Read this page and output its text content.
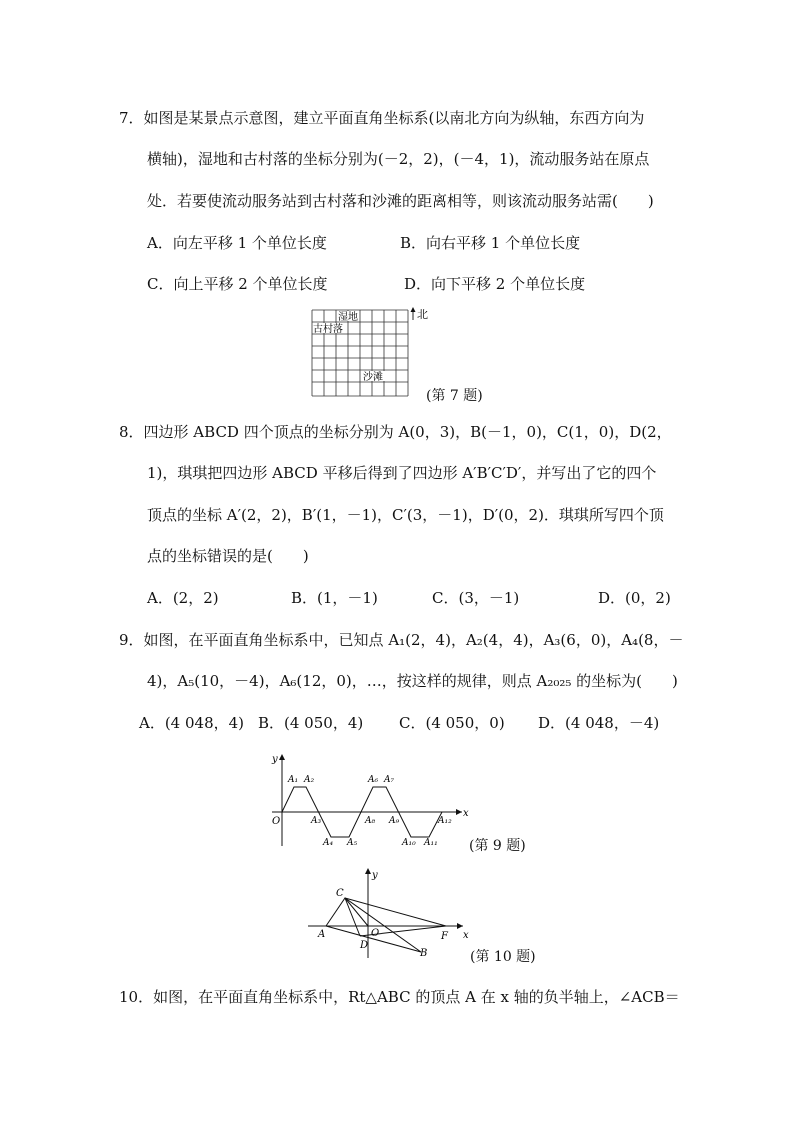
7．如图是某景点示意图，建立平面直角坐标系(以南北方向为纵轴，东西方向为
横轴)，湿地和古村落的坐标分别为(－2，2)，(－4，1)，流动服务站在原点
处．若要使流动服务站到古村落和沙滩的距离相等，则该流动服务站需(　　)
A．向左平移 1 个单位长度	B．向右平移 1 个单位长度
C．向上平移 2 个单位长度	D．向下平移 2 个单位长度
湿地
古村落
沙滩
北
(第 7 题)
8．四边形 ABCD 四个顶点的坐标分别为 A(0，3)，B(－1，0)，C(1，0)，D(2，
1)，琪琪把四边形 ABCD 平移后得到了四边形 A′B′C′D′，并写出了它的四个
顶点的坐标 A′(2，2)，B′(1，－1)，C′(3，－1)，D′(0，2)．琪琪所写四个顶
点的坐标错误的是(　　)
A．(2，2)	B．(1，－1)	C．(3，－1)	D．(0，2)
9．如图，在平面直角坐标系中，已知点 A₁(2，4)，A₂(4，4)，A₃(6，0)，A₄(8，－
4)，A₅(10，－4)，A₆(12，0)，…，按这样的规律，则点 A₂₀₂₅ 的坐标为(　　)
A．(4 048，4) B．(4 050，4) C．(4 050，0) D．(4 048，－4)
x
y
O
A₁ A₂
A₃
A₄ A₅
A₆ A₇
A₈ A₉
A₁₀ A₁₁
A₁₂
(第 9 题)
x
y
O
A
B
C
D
F
(第 10 题)
10．如图，在平面直角坐标系中，Rt△ABC 的顶点 A 在 x 轴的负半轴上，∠ACB＝
